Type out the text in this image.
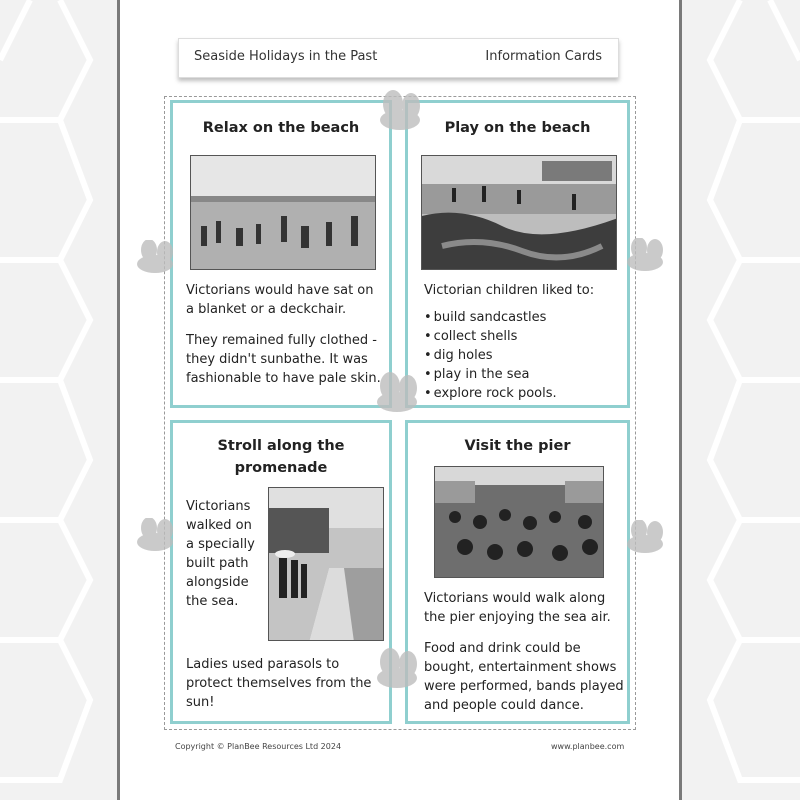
Seaside Holidays in the Past	Information Cards
Relax on the beach

Victorians would have sat on a blanket or a deckchair.

They remained fully clothed - they didn't sunbathe. It was fashionable to have pale skin.

Play on the beach

Victorian children liked to:

• build sandcastles
• collect shells
• dig holes
• play in the sea
• explore rock pools.
Stroll along the
promenade

Victorians

walked on

a specially

built path

alongside

the sea.

Ladies used parasols to protect themselves from the sun!

Visit the pier

Victorians would walk along the pier enjoying the sea air.

Food and drink could be bought, entertainment shows were performed, bands played and people could dance.

Copyright © PlanBee Resources Ltd 2024	www.planbee.com
